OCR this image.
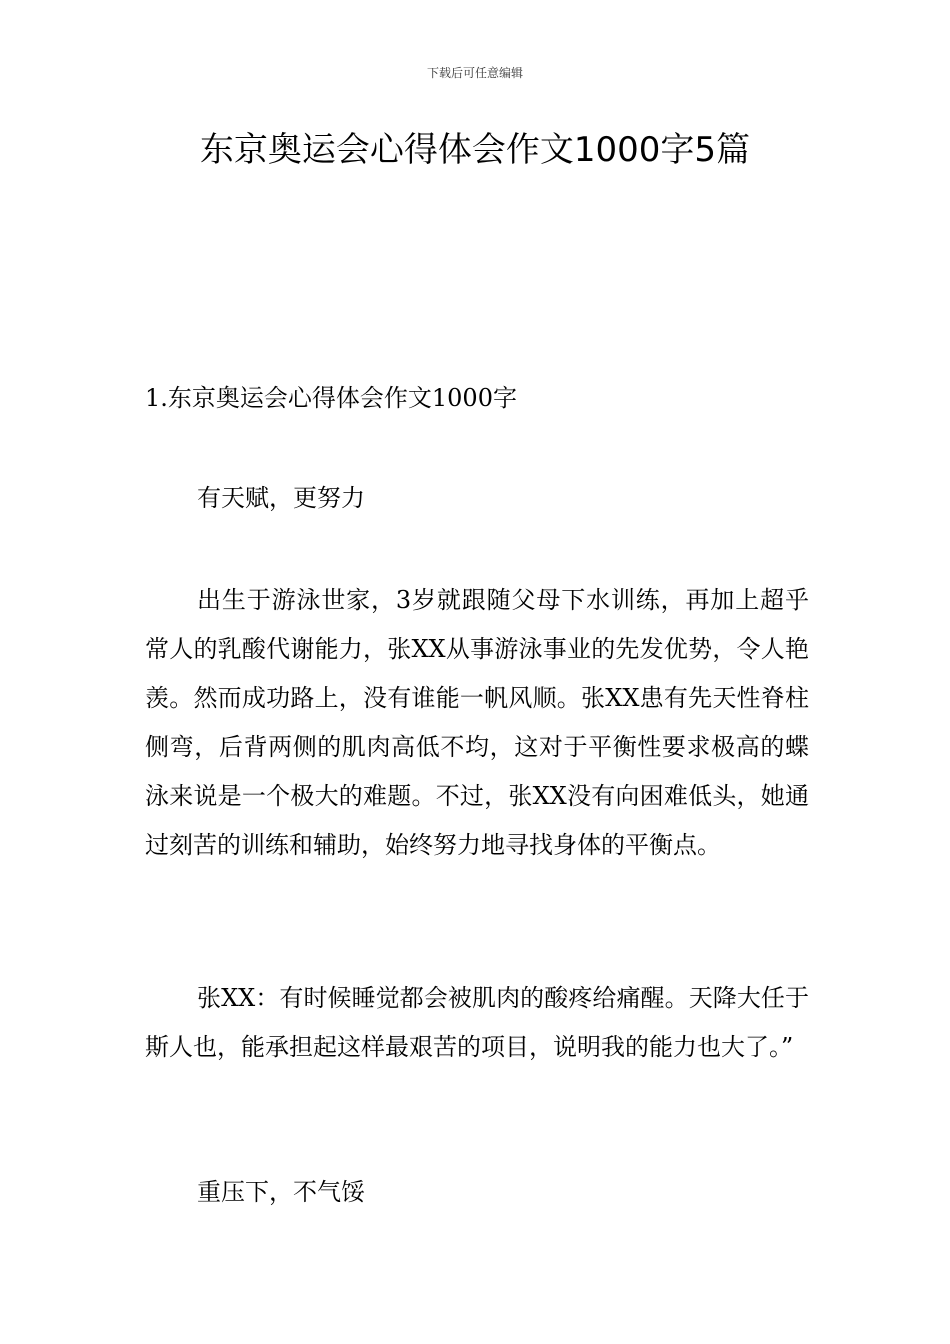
下载后可任意编辑
东京奥运会心得体会作文1000字5篇
1.东京奥运会心得体会作文1000字
有天赋，更努力

出生于游泳世家，3岁就跟随父母下水训练，再加上超乎常人的乳酸代谢能力，张XX从事游泳事业的先发优势，令人艳羡。然而成功路上，没有谁能一帆风顺。张XX患有先天性脊柱侧弯，后背两侧的肌肉高低不均，这对于平衡性要求极高的蝶泳来说是一个极大的难题。不过，张XX没有向困难低头，她通过刻苦的训练和辅助，始终努力地寻找身体的平衡点。

张XX：有时候睡觉都会被肌肉的酸疼给痛醒。天降大任于斯人也，能承担起这样最艰苦的项目，说明我的能力也大了。”

重压下，不气馁
